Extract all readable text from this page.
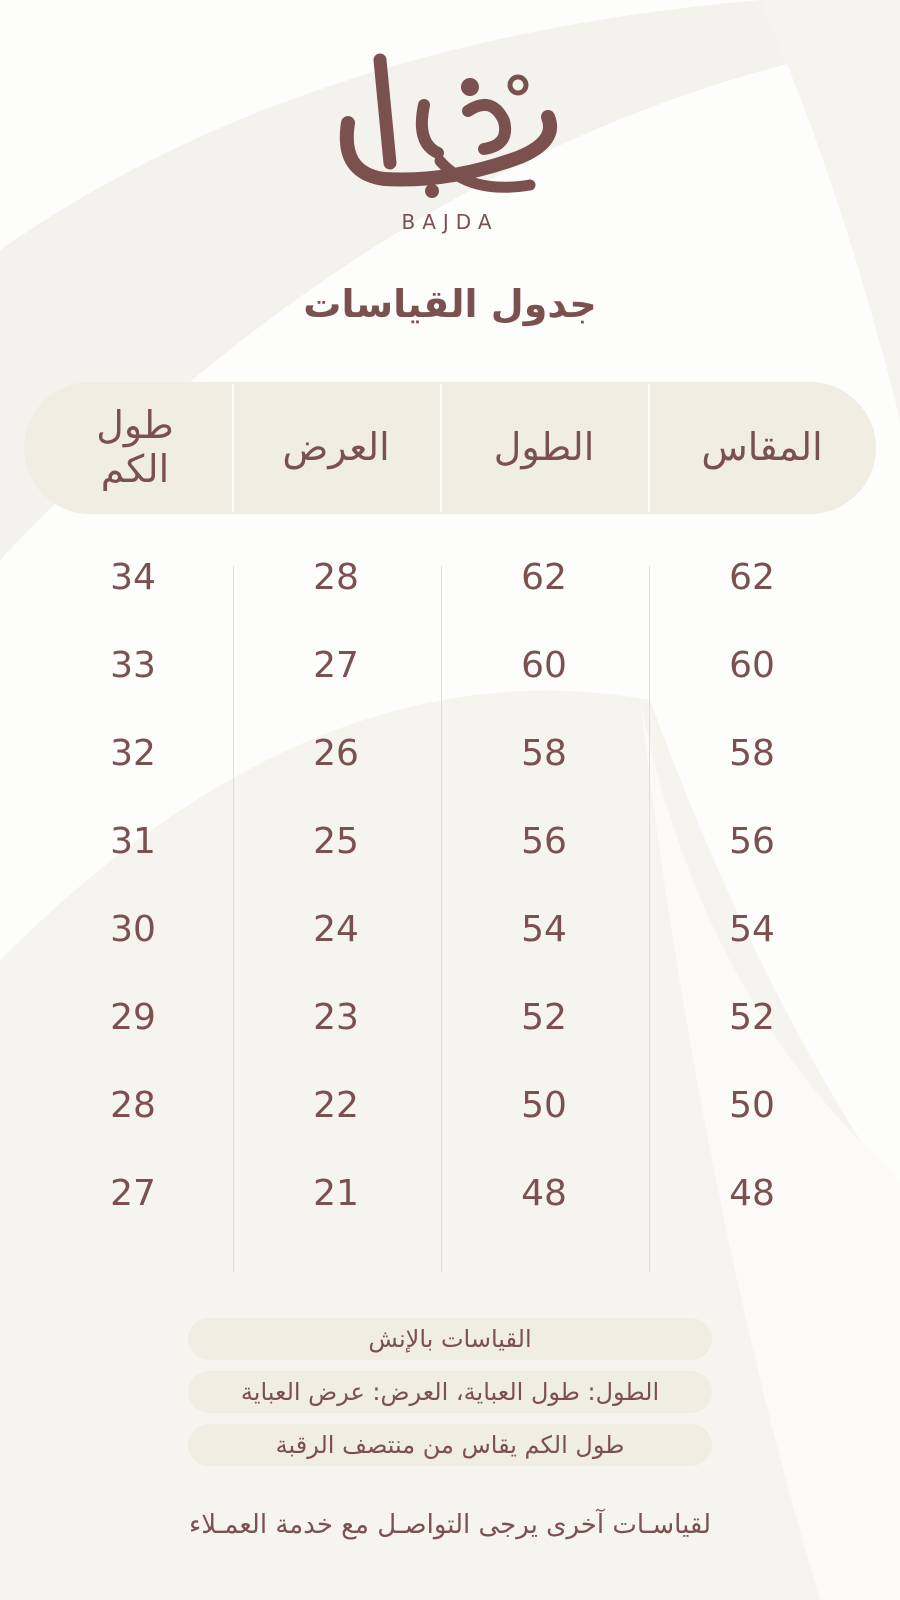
BAJDA
جدول القياسات
المقاس
الطول
العرض
طول الكم
62
62
28
34
60
60
27
33
58
58
26
32
56
56
25
31
54
54
24
30
52
52
23
29
50
50
22
28
48
48
21
27
القياسات بالإنش
الطول: طول العباية، العرض: عرض العباية
طول الكم يقاس من منتصف الرقبة
لقياسـات آخرى يرجى التواصـل مع خدمة العمـلاء
